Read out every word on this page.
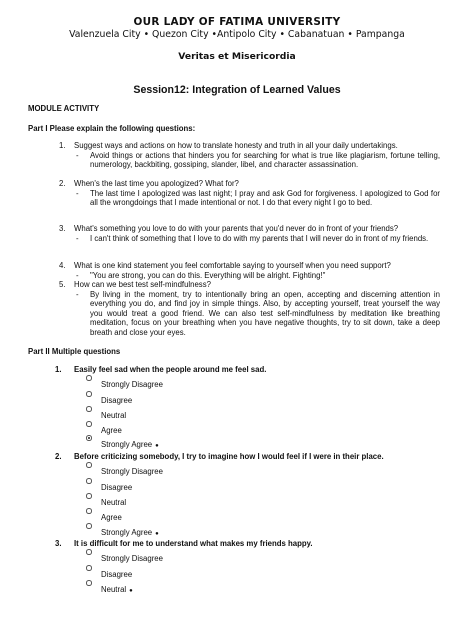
OUR LADY OF FATIMA UNIVERSITY
Valenzuela City • Quezon City •Antipolo City • Cabanatuan • Pampanga
Veritas et Misericordia
Session12: Integration of Learned Values
MODULE ACTIVITY
Part I Please explain the following questions:
1. Suggest ways and actions on how to translate honesty and truth in all your daily undertakings.
- Avoid things or actions that hinders you for searching for what is true like plagiarism, fortune telling, numerology, backbiting, gossiping, slander, libel, and character assassination.
2. When's the last time you apologized? What for?
- The last time I apologized was last night; I pray and ask God for forgiveness. I apologized to God for all the wrongdoings that I made intentional or not. I do that every night I go to bed.
3. What's something you love to do with your parents that you'd never do in front of your friends?
- I can't think of something that I love to do with my parents that I will never do in front of my friends.
4. What is one kind statement you feel comfortable saying to yourself when you need support?
- "You are strong, you can do this. Everything will be alright. Fighting!"
5. How can we best test self-mindfulness?
- By living in the moment, try to intentionally bring an open, accepting and discerning attention in everything you do, and find joy in simple things. Also, by accepting yourself, treat yourself the way you would treat a good friend. We can also test self-mindfulness by meditation like breathing meditation, focus on your breathing when you have negative thoughts, try to sit down, take a deep breath and close your eyes.
Part II Multiple questions
1. Easily feel sad when the people around me feel sad.
Strongly Disagree
Disagree
Neutral
Agree
Strongly Agree ●
2. Before criticizing somebody, I try to imagine how I would feel if I were in their place.
Strongly Disagree
Disagree
Neutral
Agree
Strongly Agree ●
3. It is difficult for me to understand what makes my friends happy.
Strongly Disagree
Disagree
Neutral ●
